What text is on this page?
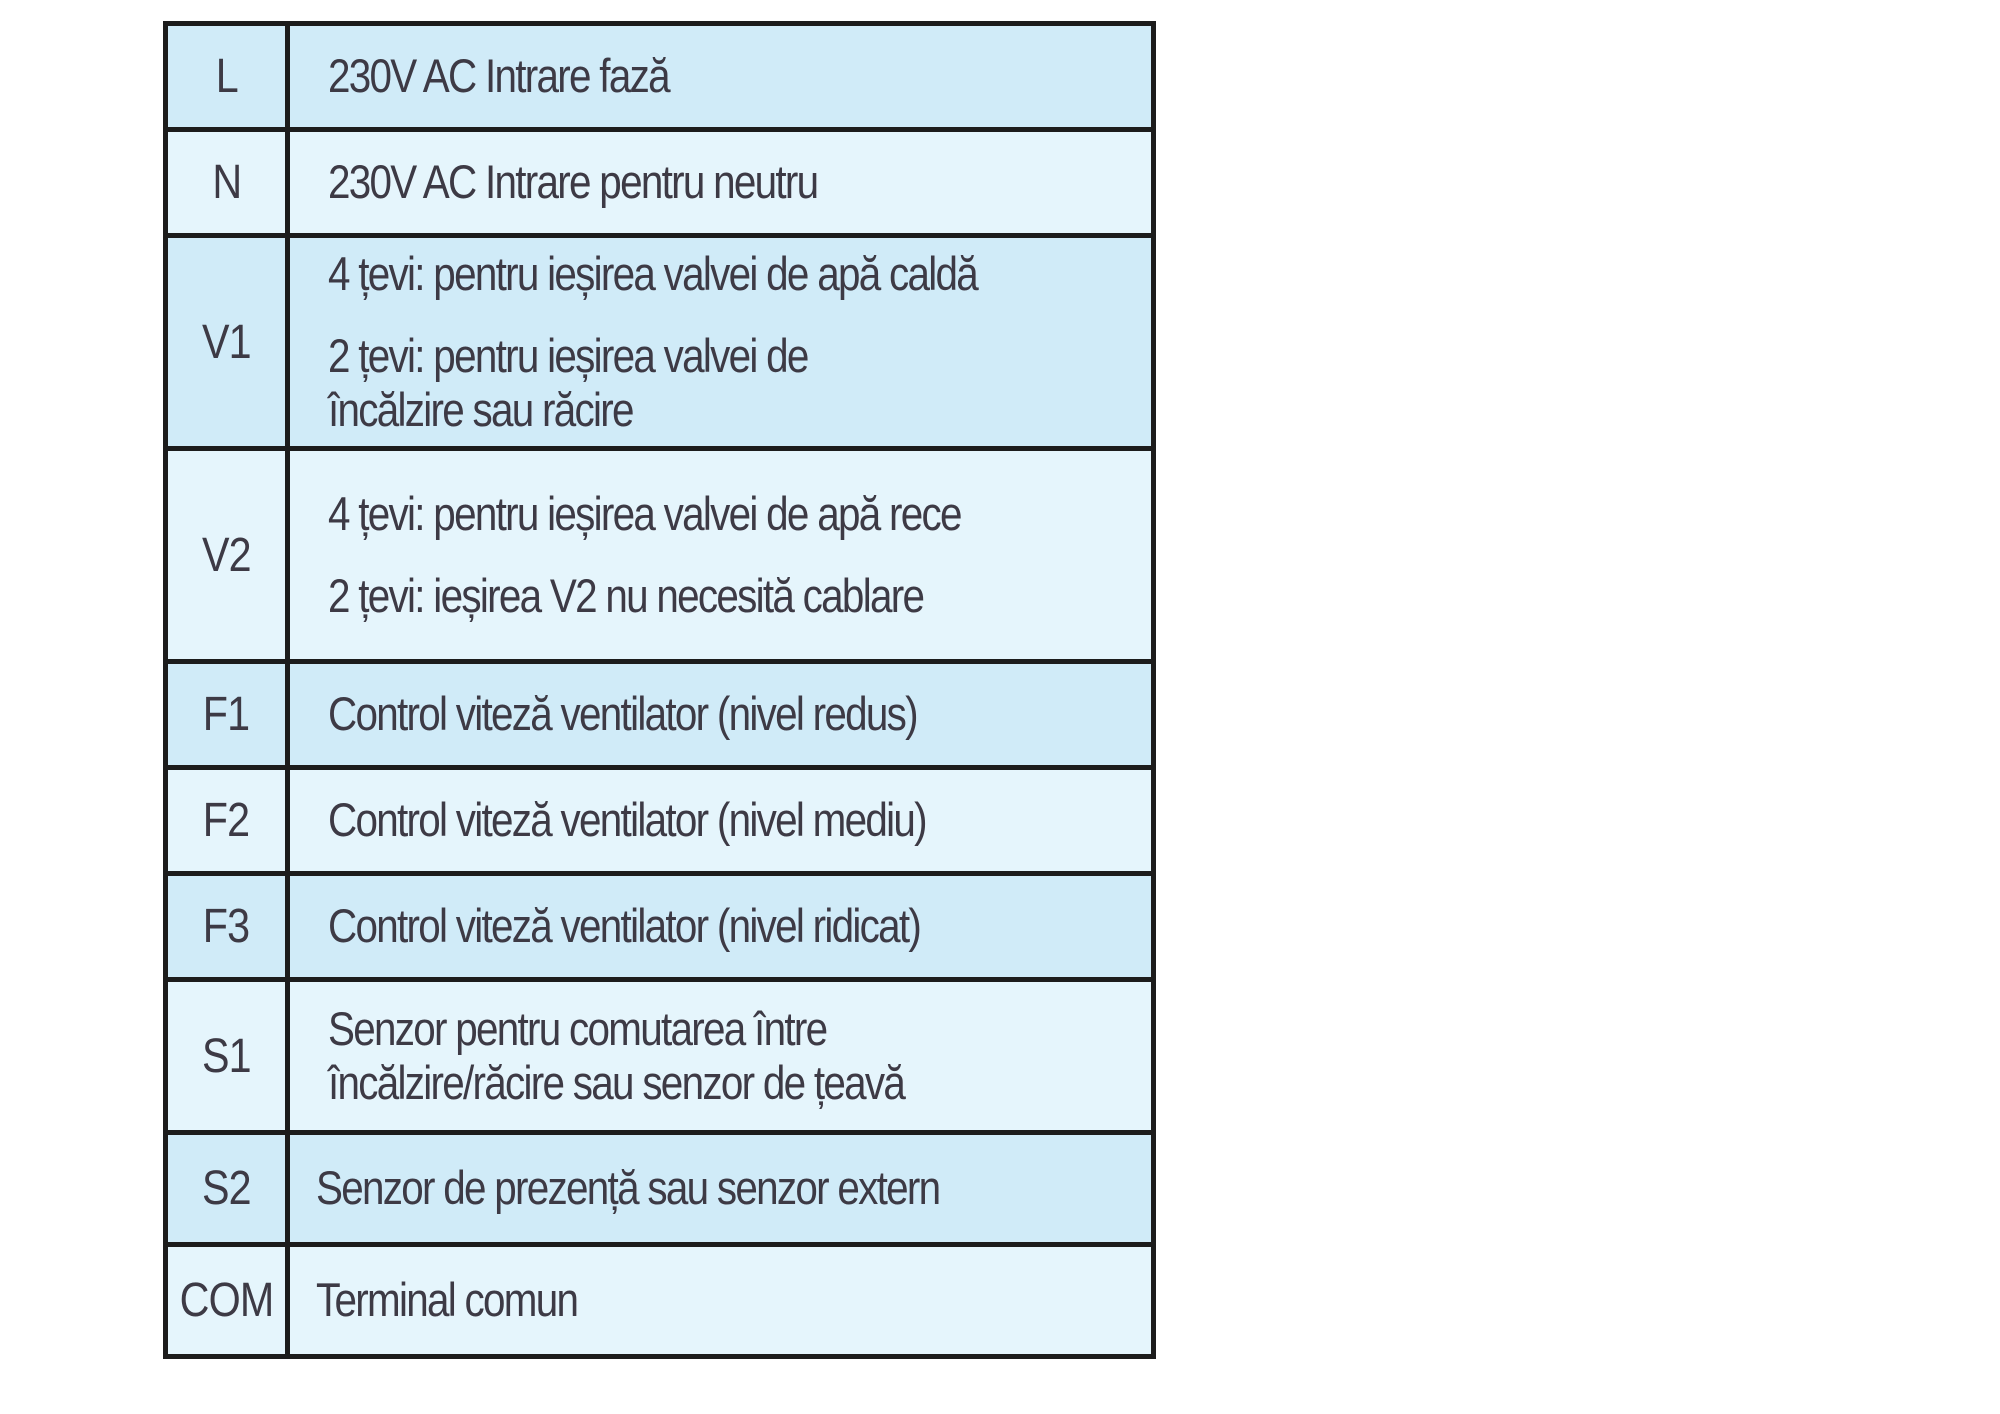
L	230V AC Intrare fază

N	230V AC Intrare pentru neutru

V1	4 țevi: pentru ieșirea valvei de apă caldă
2 țevi: pentru ieșirea valvei de
încălzire sau răcire

V2	4 țevi: pentru ieșirea valvei de apă rece
2 țevi: ieșirea V2 nu necesită cablare

F1	Control viteză ventilator (nivel redus)

F2	Control viteză ventilator (nivel mediu)

F3	Control viteză ventilator (nivel ridicat)

S1	Senzor pentru comutarea între
încălzire/răcire sau senzor de țeavă

S2	Senzor de prezență sau senzor extern

COM	Terminal comun
